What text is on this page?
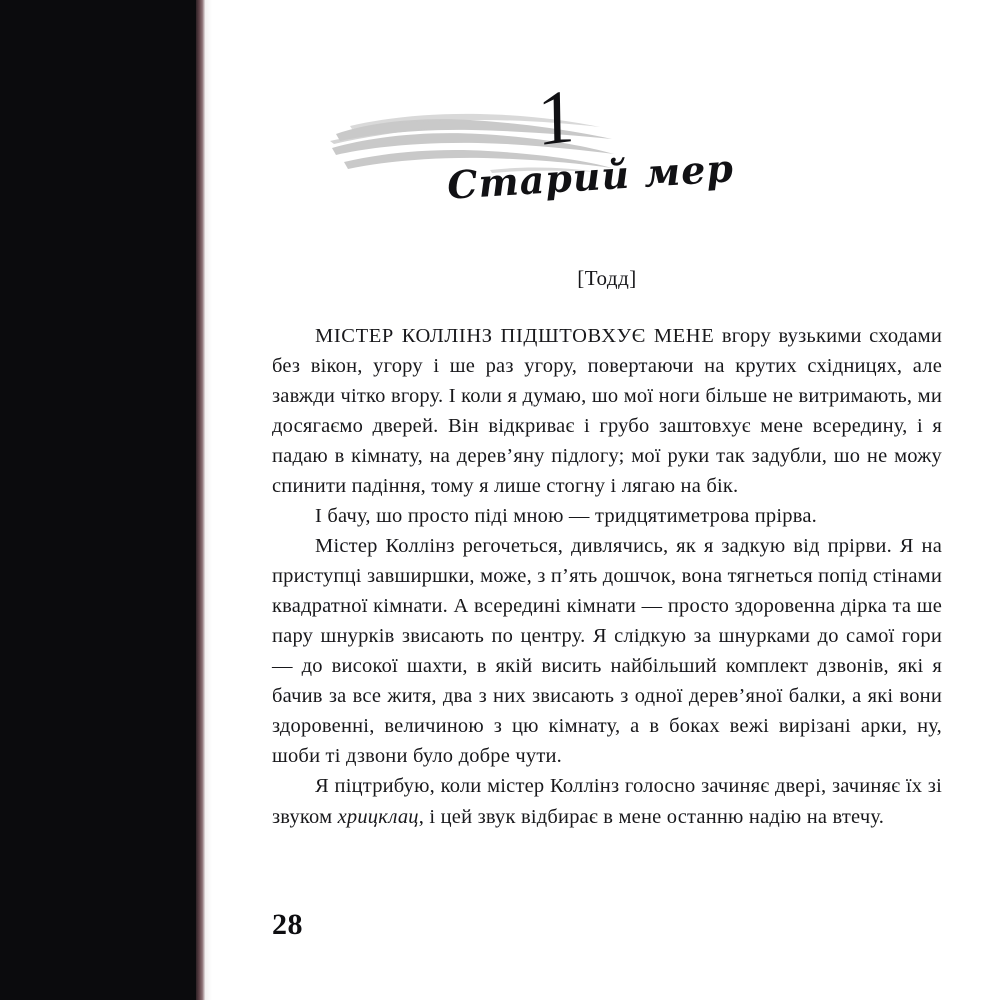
1
Старий мер
[Тодд]

МІСТЕР КОЛЛІНЗ ПІДШТОВХУЄ МЕНЕ вгору вузькими сходами без вікон, угору і ше раз угору, повертаючи на крутих східницях, але завжди чітко вгору. І коли я думаю, шо мої ноги більше не витримають, ми досягаємо дверей. Він відкриває і грубо заштовхує мене всередину, і я падаю в кімнату, на дерев’яну підлогу; мої руки так задубли, шо не можу спинити падіння, тому я лише стогну і лягаю на бік.

І бачу, шо просто піді мною — тридцятиметрова прірва.

Містер Коллінз регочеться, дивлячись, як я задкую від прірви. Я на приступці завширшки, може, з п’ять дошчок, вона тягнеться попід стінами квадратної кімнати. А всередині кімнати — просто здоровенна дірка та ше пару шнурків звисають по центру. Я слідкую за шнурками до самої гори — до високої шахти, в якій висить найбільший комплект дзвонів, які я бачив за все житя, два з них звисають з одної дерев’яної балки, а які вони здоровенні, величиною з цю кімнату, а в боках вежі вирізані арки, ну, шоби ті дзвони було добре чути.

Я піцтрибую, коли містер Коллінз голосно зачиняє двері, зачиняє їх зі звуком хрицклац, і цей звук відбирає в мене останню надію на втечу.

28
